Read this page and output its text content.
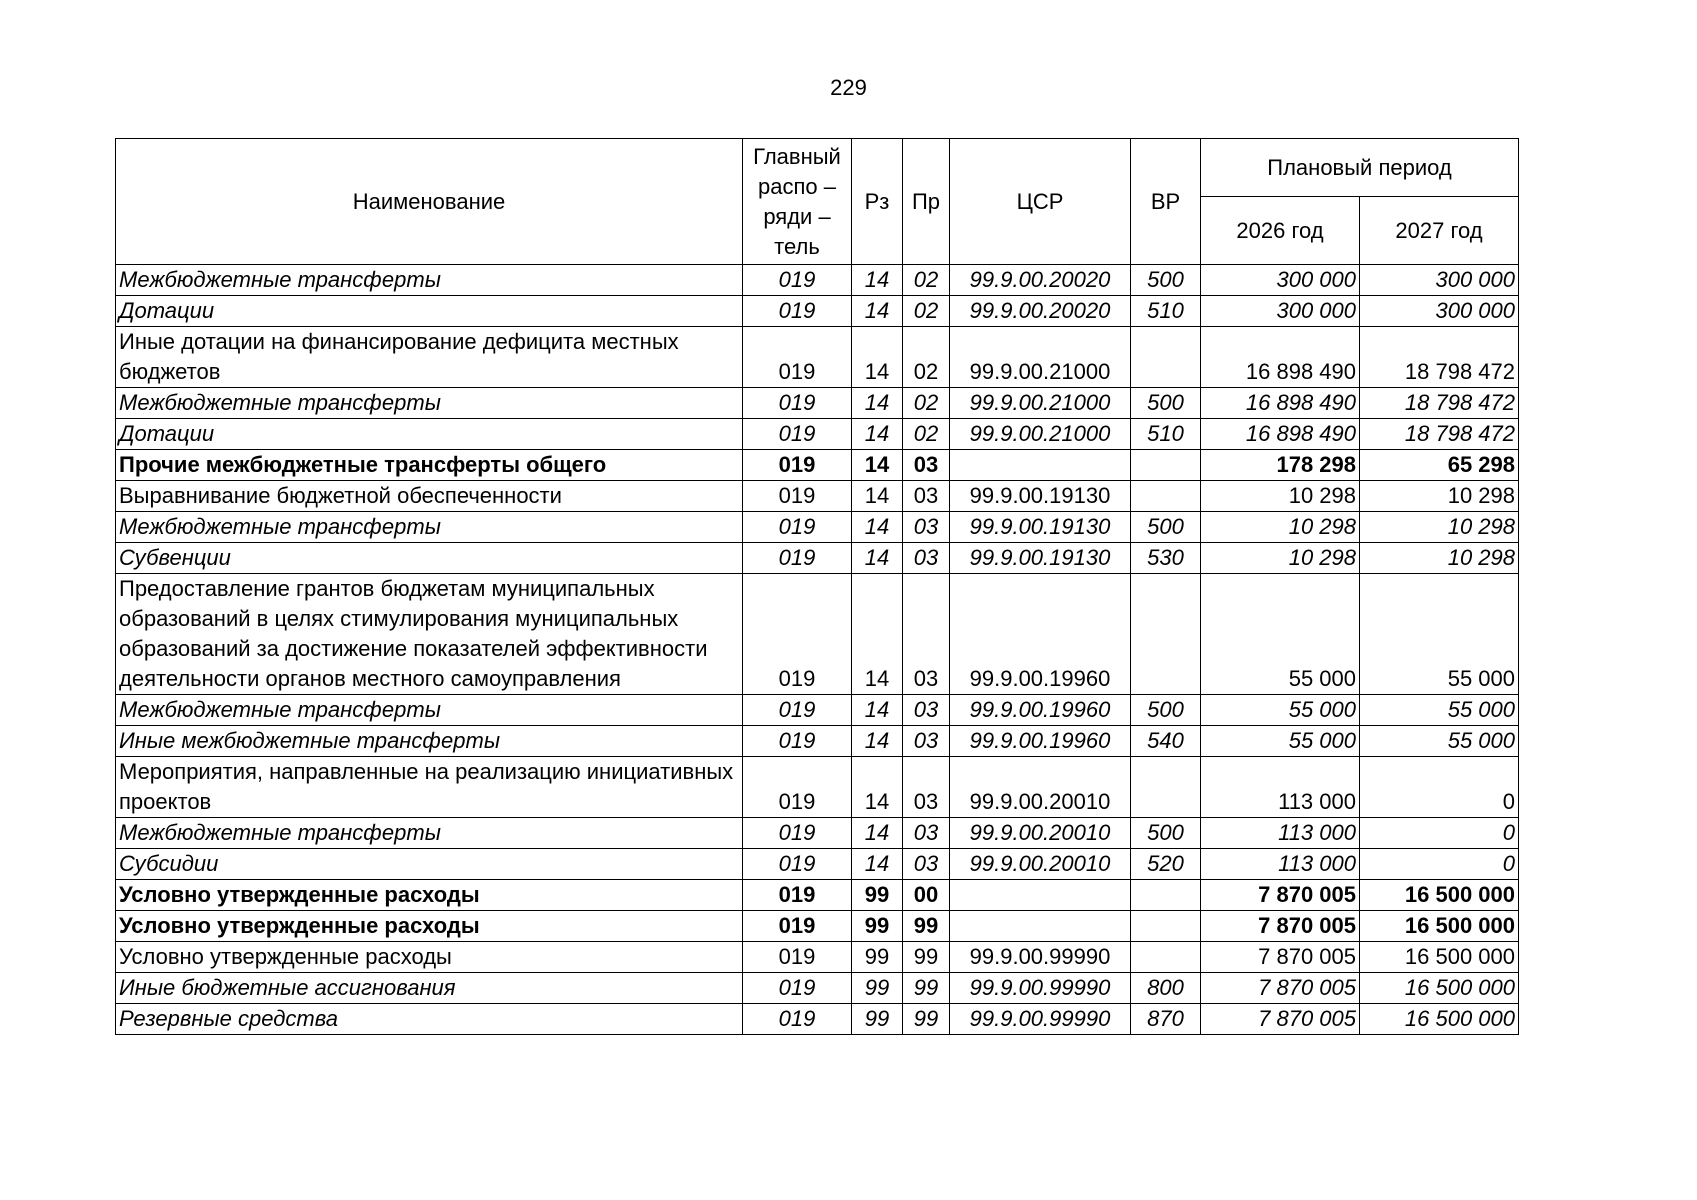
229
Наименование	Главный распо – ряди – тель	Рз	Пр	ЦСР	ВР	Плановый период	
						2026 год	2027 год
Межбюджетные трансферты	019	14	02	99.9.00.20020	500	300 000	300 000
Дотации	019	14	02	99.9.00.20020	510	300 000	300 000
Иные дотации на финансирование дефицита местных бюджетов	019	14	02	99.9.00.21000		16 898 490	18 798 472
Межбюджетные трансферты	019	14	02	99.9.00.21000	500	16 898 490	18 798 472
Дотации	019	14	02	99.9.00.21000	510	16 898 490	18 798 472
Прочие межбюджетные трансферты общего	019	14	03			178 298	65 298
Выравнивание бюджетной обеспеченности	019	14	03	99.9.00.19130		10 298	10 298
Межбюджетные трансферты	019	14	03	99.9.00.19130	500	10 298	10 298
Субвенции	019	14	03	99.9.00.19130	530	10 298	10 298
Предоставление грантов бюджетам муниципальных образований в целях стимулирования муниципальных образований за достижение показателей эффективности деятельности органов местного самоуправления	019	14	03	99.9.00.19960		55 000	55 000
Межбюджетные трансферты	019	14	03	99.9.00.19960	500	55 000	55 000
Иные межбюджетные трансферты	019	14	03	99.9.00.19960	540	55 000	55 000
Мероприятия, направленные на реализацию инициативных проектов	019	14	03	99.9.00.20010		113 000	0
Межбюджетные трансферты	019	14	03	99.9.00.20010	500	113 000	0
Субсидии	019	14	03	99.9.00.20010	520	113 000	0
Условно утвержденные расходы	019	99	00			7 870 005	16 500 000
Условно утвержденные расходы	019	99	99			7 870 005	16 500 000
Условно утвержденные расходы	019	99	99	99.9.00.99990		7 870 005	16 500 000
Иные бюджетные ассигнования	019	99	99	99.9.00.99990	800	7 870 005	16 500 000
Резервные средства	019	99	99	99.9.00.99990	870	7 870 005	16 500 000
